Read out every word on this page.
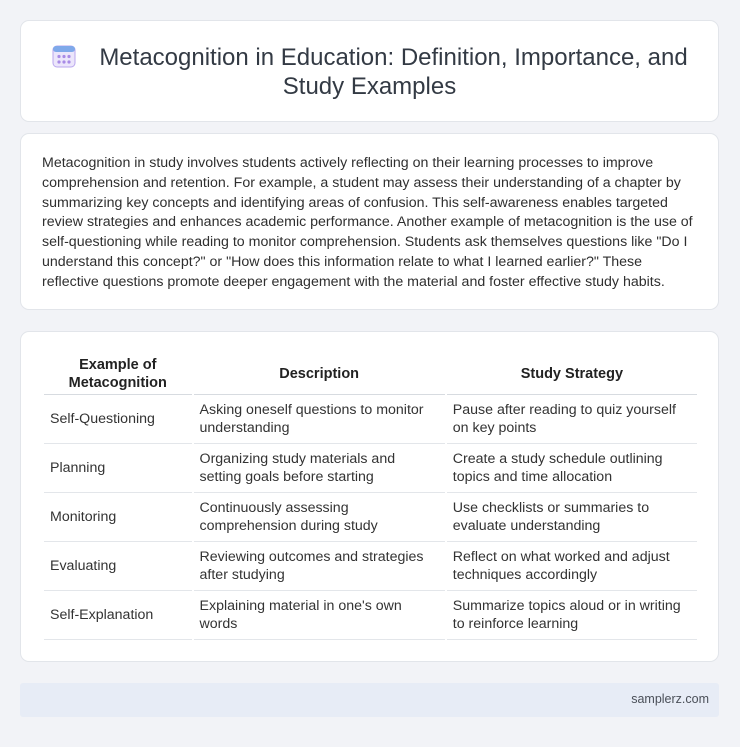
Metacognition in Education: Definition, Importance, and Study Examples

Metacognition in study involves students actively reflecting on their learning processes to improve comprehension and retention. For example, a student may assess their understanding of a chapter by summarizing key concepts and identifying areas of confusion. This self-awareness enables targeted review strategies and enhances academic performance. Another example of metacognition is the use of self-questioning while reading to monitor comprehension. Students ask themselves questions like "Do I understand this concept?" or "How does this information relate to what I learned earlier?" These reflective questions promote deeper engagement with the material and foster effective study habits.

Example of Metacognition	Description	Study Strategy
Self-Questioning	Asking oneself questions to monitor understanding	Pause after reading to quiz yourself on key points
Planning	Organizing study materials and setting goals before starting	Create a study schedule outlining topics and time allocation
Monitoring	Continuously assessing comprehension during study	Use checklists or summaries to evaluate understanding
Evaluating	Reviewing outcomes and strategies after studying	Reflect on what worked and adjust techniques accordingly
Self-Explanation	Explaining material in one's own words	Summarize topics aloud or in writing to reinforce learning
samplerz.com
